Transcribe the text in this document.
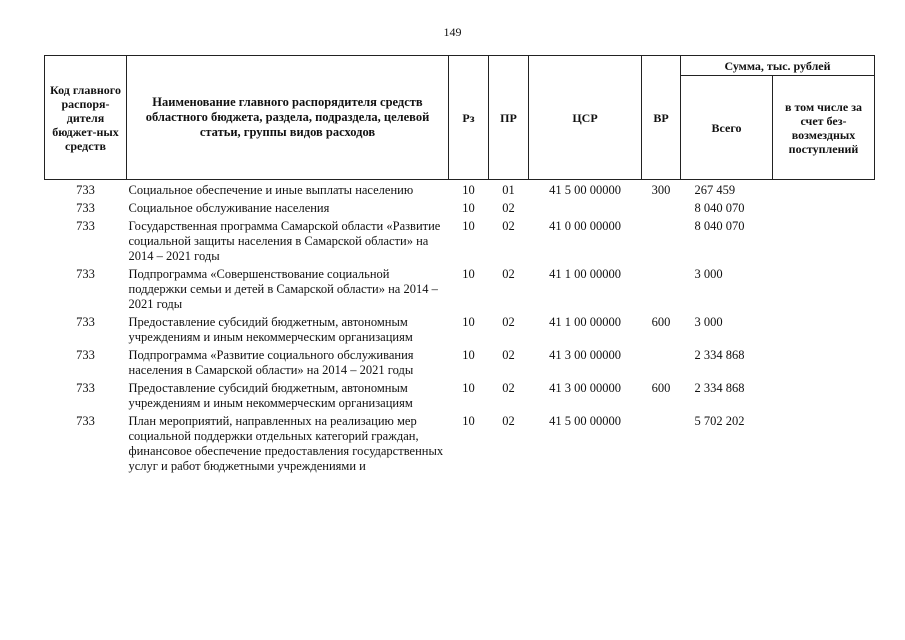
149
Код главного распоря-дителя бюджет-ных средств	Наименование главного распорядителя средств областного бюджета, раздела, подраздела, целевой статьи, группы видов расходов	Рз	ПР	ЦСР	ВР	Сумма, тыс. рублей	
						Всего	в том числе за счет без-возмездных поступлений
733	Социальное обеспечение и иные выплаты населению	10	01	41 5 00 00000	300	267 459	
733	Социальное обслуживание населения	10	02			8 040 070	
733	Государственная программа Самарской области «Развитие социальной защиты населения в Самарской области» на 2014 – 2021 годы	10	02	41 0 00 00000		8 040 070	
733	Подпрограмма «Совершенствование социальной поддержки семьи и детей в Самарской области» на 2014 – 2021 годы	10	02	41 1 00 00000		3 000	
733	Предоставление субсидий бюджетным, автономным учреждениям и иным некоммерческим организациям	10	02	41 1 00 00000	600	3 000	
733	Подпрограмма «Развитие социального обслуживания населения в Самарской области» на 2014 – 2021 годы	10	02	41 3 00 00000		2 334 868	
733	Предоставление субсидий бюджетным, автономным учреждениям и иным некоммерческим организациям	10	02	41 3 00 00000	600	2 334 868	
733	План мероприятий, направленных на реализацию мер социальной поддержки отдельных категорий граждан, финансовое обеспечение предоставления государственных услуг и работ бюджетными учреждениями и	10	02	41 5 00 00000		5 702 202	
